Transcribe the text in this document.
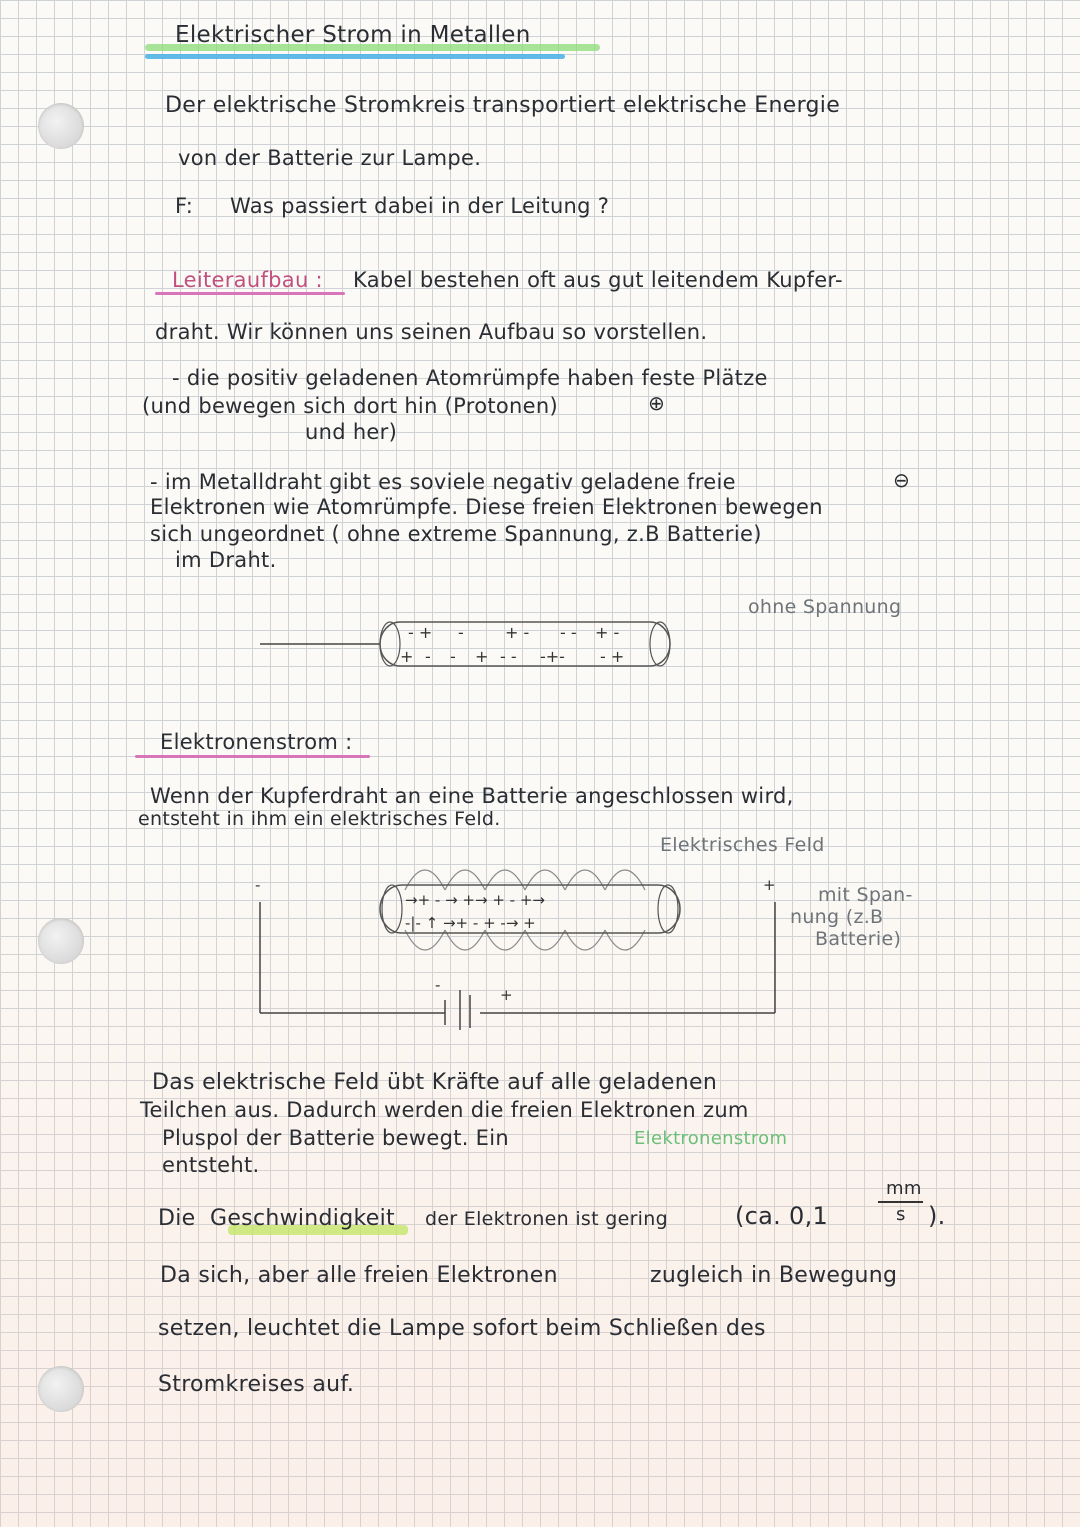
Elektrischer Strom in Metallen
Der elektrische Stromkreis transportiert elektrische Energie
von der Batterie zur Lampe.
F: Was passiert dabei in der Leitung ?
Leiteraufbau : Kabel bestehen oft aus gut leitendem Kupfer-
draht. Wir können uns seinen Aufbau so vorstellen.
- die positiv geladenen Atomrümpfe haben feste Plätze
(und bewegen sich dort hin (Protonen)	⊕
und her)
- im Metalldraht gibt es soviele negativ geladene freie	⊖
Elektronen wie Atomrümpfe. Diese freien Elektronen bewegen
sich ungeordnet ( ohne extreme Spannung, z.B Batterie)
im Draht.
ohne Spannung
- + -	+ - - - + -
+ - - + - - -+- - +
Elektronenstrom :
Wenn der Kupferdraht an eine Batterie angeschlossen wird,
entsteht in ihm ein elektrisches Feld.
Elektrisches Feld
→+ - → +→ + - +→
-|- ↑ →+ - + -→ +
-	+
-
+
mit Span-
nung (z.B
Batterie)
Das elektrische Feld übt Kräfte auf alle geladenen
Teilchen aus. Dadurch werden die freien Elektronen zum
Pluspol der Batterie bewegt. Ein	Elektronenstrom
entsteht.
Die Geschwindigkeit der Elektronen ist gering	(ca. 0,1
mm
s ).
Da sich, aber alle freien Elektronen	zugleich in Bewegung
setzen, leuchtet die Lampe sofort beim Schließen des
Stromkreises auf.
